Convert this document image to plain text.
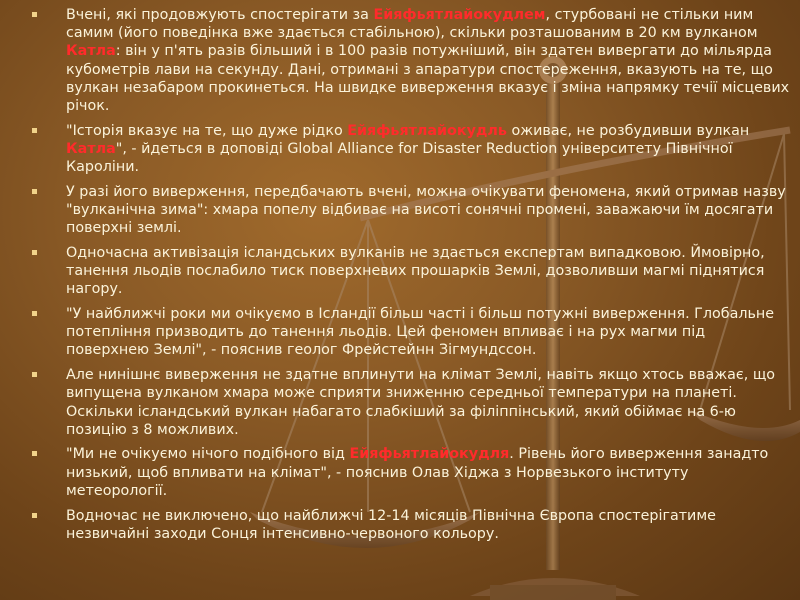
Вчені, які продовжують спостерігати за Ейяфьятлайокудлем, стурбовані не стільки ним самим (його поведінка вже здається стабільною), скільки розташованим в 20 км вулканом Катла: він у п'ять разів більший і в 100 разів потужніший, він здатен вивергати до мільярда кубометрів лави на секунду. Дані, отримані з апаратури спостереження, вказують на те, що вулкан незабаром прокинеться. На швидке виверження вказує і зміна напрямку течії місцевих річок.
"Історія вказує на те, що дуже рідко Ейяфьятлайокудль оживає, не розбудивши вулкан Катла", - йдеться в доповіді Global Alliance for Disaster Reduction університету Північної Кароліни.
У разі його виверження, передбачають вчені, можна очікувати феномена, який отримав назву "вулканічна зима": хмара попелу відбиває на висоті сонячні промені, заважаючи їм досягати поверхні землі.
Одночасна активізація ісландських вулканів не здається експертам випадковою. Ймовірно, танення льодів послабило тиск поверхневих прошарків Землі, дозволивши магмі піднятися нагору.
"У найближчі роки ми очікуємо в Ісландії більш часті і більш потужні виверження. Глобальне потепління призводить до танення льодів. Цей феномен впливає і на рух магми під поверхнею Землі", - пояснив геолог Фрейстейнн Зігмундссон.
Але нинішнє виверження не здатне вплинути на клімат Землі, навіть якщо хтось вважає, що випущена вулканом хмара може сприяти зниженню середньої температури на планеті. Оскільки ісландський вулкан набагато слабкіший за філіппінський, який обіймає на 6-ю позицію з 8 можливих.
"Ми не очікуємо нічого подібного від Ейяфьятлайокудля. Рівень його виверження занадто низький, щоб впливати на клімат", - пояснив Олав Хiджа з Норвезького інституту метеорології.
Водночас не виключено, що найближчі 12-14 місяців Північна Європа спостерігатиме незвичайні заходи Сонця інтенсивно-червоного кольору.
